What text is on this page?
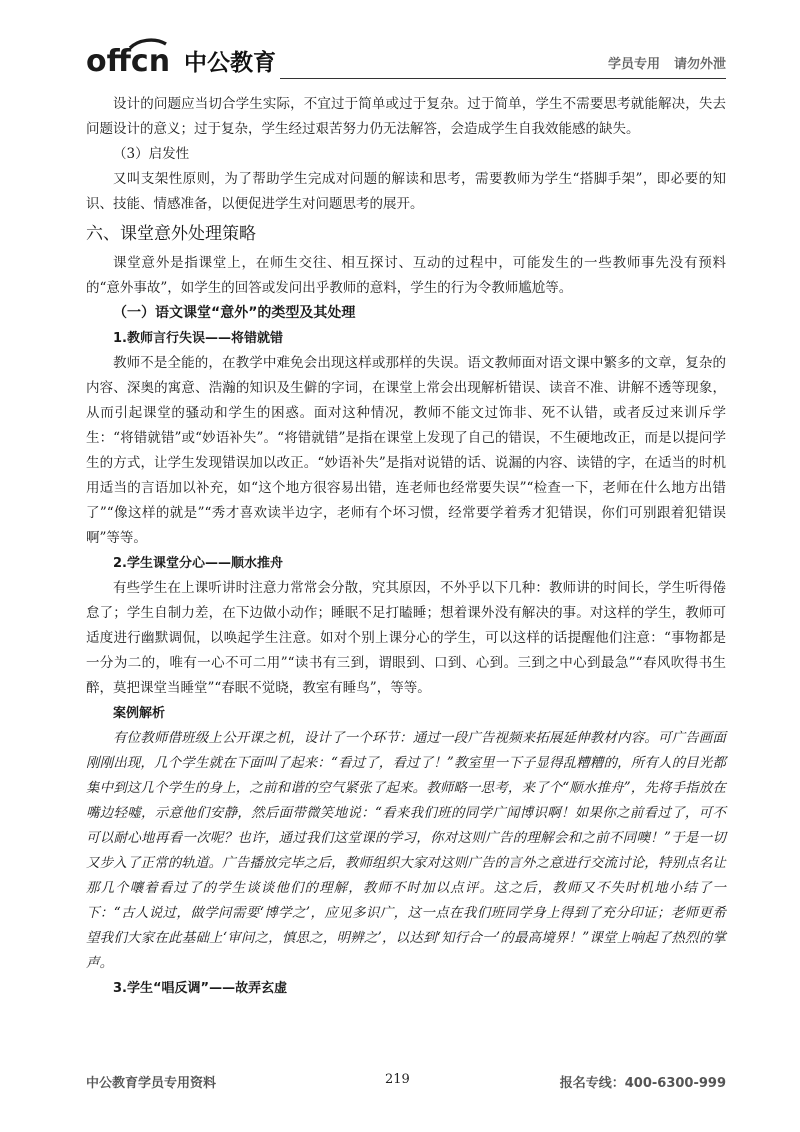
offcn 中公教育	学员专用 请勿外泄

设计的问题应当切合学生实际，不宜过于简单或过于复杂。过于简单，学生不需要思考就能解决，失去问题设计的意义；过于复杂，学生经过艰苦努力仍无法解答，会造成学生自我效能感的缺失。

（3）启发性

又叫支架性原则，为了帮助学生完成对问题的解读和思考，需要教师为学生“搭脚手架”，即必要的知识、技能、情感准备，以便促进学生对问题思考的展开。

六、课堂意外处理策略

课堂意外是指课堂上，在师生交往、相互探讨、互动的过程中，可能发生的一些教师事先没有预料的“意外事故”，如学生的回答或发问出乎教师的意料，学生的行为令教师尴尬等。

（一）语文课堂“意外”的类型及其处理
1.教师言行失误——将错就错

教师不是全能的，在教学中难免会出现这样或那样的失误。语文教师面对语文课中繁多的文章，复杂的内容、深奥的寓意、浩瀚的知识及生僻的字词，在课堂上常会出现解析错误、读音不准、讲解不透等现象，从而引起课堂的骚动和学生的困惑。面对这种情况，教师不能文过饰非、死不认错，或者反过来训斥学生：“将错就错”或“妙语补失”。“将错就错”是指在课堂上发现了自己的错误，不生硬地改正，而是以提问学生的方式，让学生发现错误加以改正。“妙语补失”是指对说错的话、说漏的内容、读错的字，在适当的时机用适当的言语加以补充，如“这个地方很容易出错，连老师也经常要失误”“检查一下，老师在什么地方出错了”“像这样的就是”“秀才喜欢读半边字，老师有个坏习惯，经常要学着秀才犯错误，你们可别跟着犯错误啊”等等。

2.学生课堂分心——顺水推舟

有些学生在上课听讲时注意力常常会分散，究其原因，不外乎以下几种：教师讲的时间长，学生听得倦怠了；学生自制力差，在下边做小动作；睡眠不足打瞌睡；想着课外没有解决的事。对这样的学生，教师可适度进行幽默调侃，以唤起学生注意。如对个别上课分心的学生，可以这样的话提醒他们注意：“事物都是一分为二的，唯有一心不可二用”“读书有三到，谓眼到、口到、心到。三到之中心到最急”“春风吹得书生醉，莫把课堂当睡堂”“春眠不觉晓，教室有睡鸟”，等等。

案例解析

有位教师借班级上公开课之机，设计了一个环节：通过一段广告视频来拓展延伸教材内容。可广告画面刚刚出现，几个学生就在下面叫了起来：“看过了，看过了！”教室里一下子显得乱糟糟的，所有人的目光都集中到这几个学生的身上，之前和谐的空气紧张了起来。教师略一思考，来了个“顺水推舟”，先将手指放在嘴边轻嘘，示意他们安静，然后面带微笑地说：“看来我们班的同学广闻博识啊！如果你之前看过了，可不可以耐心地再看一次呢？也许，通过我们这堂课的学习，你对这则广告的理解会和之前不同噢！”于是一切又步入了正常的轨道。广告播放完毕之后，教师组织大家对这则广告的言外之意进行交流讨论，特别点名让那几个嚷着看过了的学生谈谈他们的理解，教师不时加以点评。这之后，教师又不失时机地小结了一下：“古人说过，做学问需要‘博学之’，应见多识广，这一点在我们班同学身上得到了充分印证；老师更希望我们大家在此基础上‘审问之，慎思之，明辨之’，以达到‘知行合一’的最高境界！”课堂上响起了热烈的掌声。

3.学生“唱反调”——故弄玄虚
中公教育学员专用资料	219	报名专线：400-6300-999
